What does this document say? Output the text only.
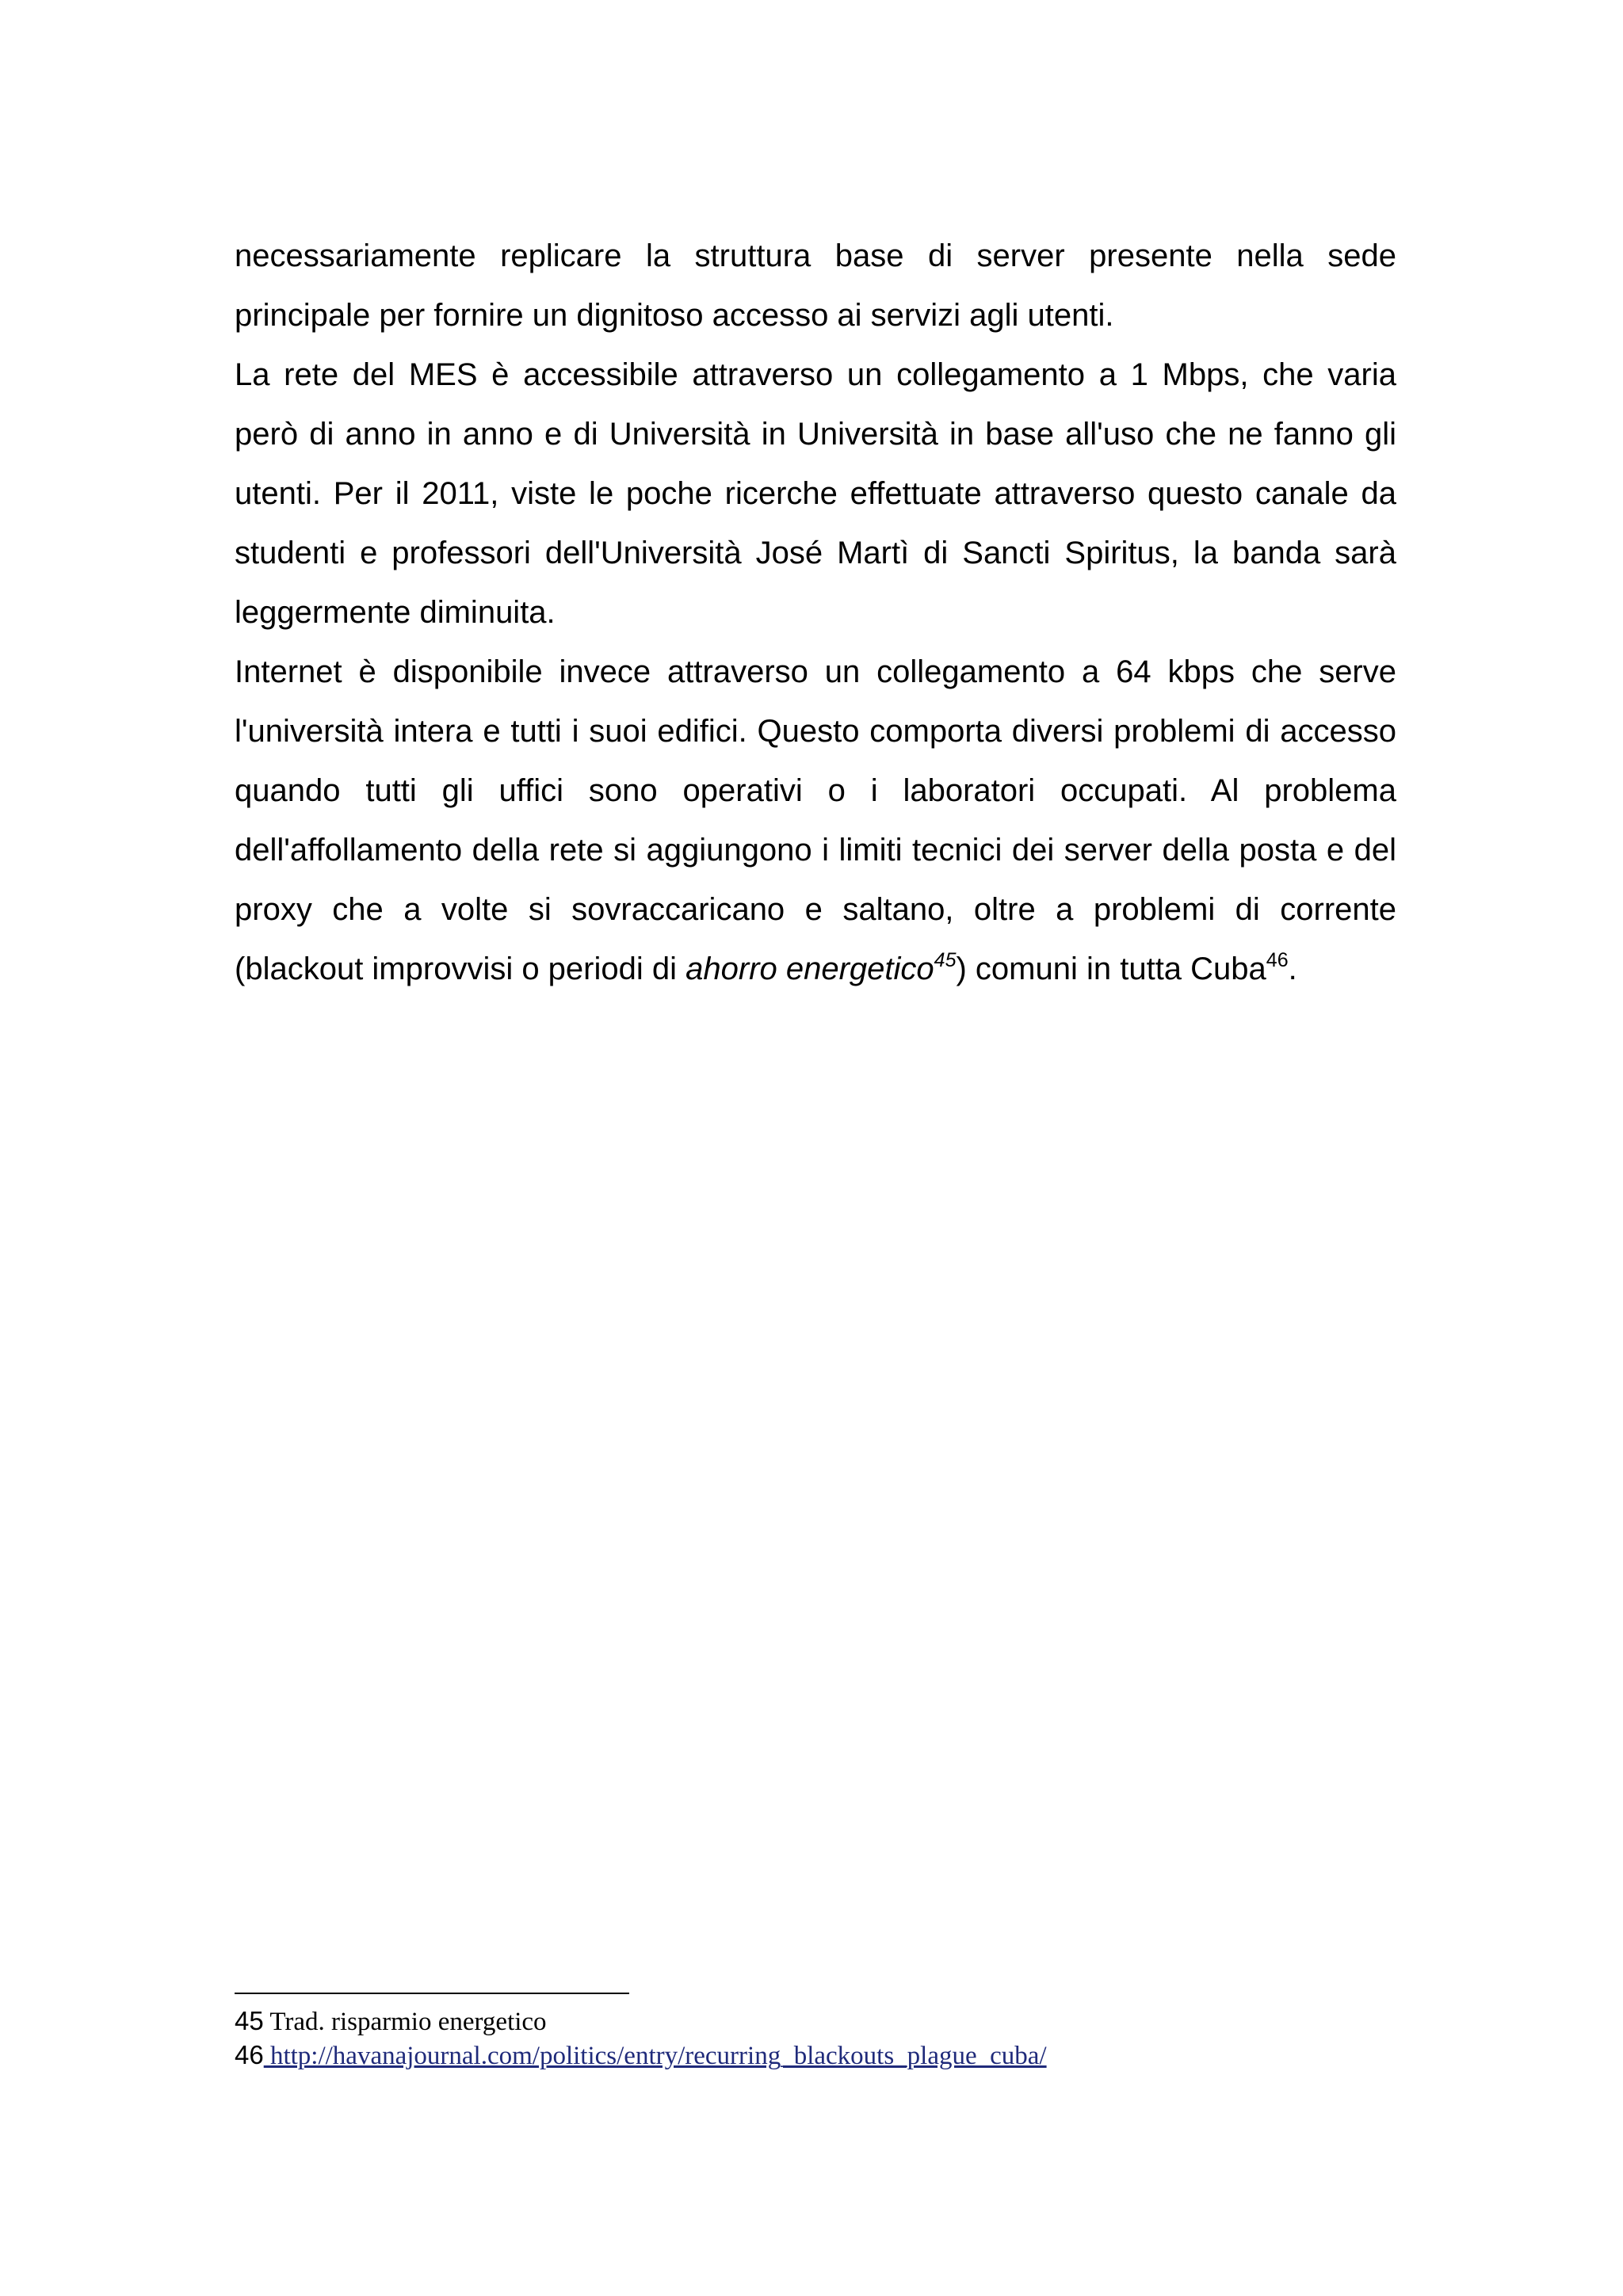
necessariamente replicare la struttura base di server presente nella sede principale per fornire un dignitoso accesso ai servizi agli utenti.

La rete del MES è accessibile attraverso un collegamento a 1 Mbps, che varia però di anno in anno e di Università in Università in base all'uso che ne fanno gli utenti. Per il 2011, viste le poche ricerche effettuate attraverso questo canale da studenti e professori dell'Università José Martì di Sancti Spiritus, la banda sarà leggermente diminuita.

Internet è disponibile invece attraverso un collegamento a 64 kbps che serve l'università intera e tutti i suoi edifici. Questo comporta diversi problemi di accesso quando tutti gli uffici sono operativi o i laboratori occupati. Al problema dell'affollamento della rete si aggiungono i limiti tecnici dei server della posta e del proxy che a volte si sovraccaricano e saltano, oltre a problemi di corrente (blackout improvvisi o periodi di ahorro energetico$^{45}$) comuni in tutta Cuba$^{46}$.

45 Trad. risparmio energetico
46 http://havanajournal.com/politics/entry/recurring_blackouts_plague_cuba/
